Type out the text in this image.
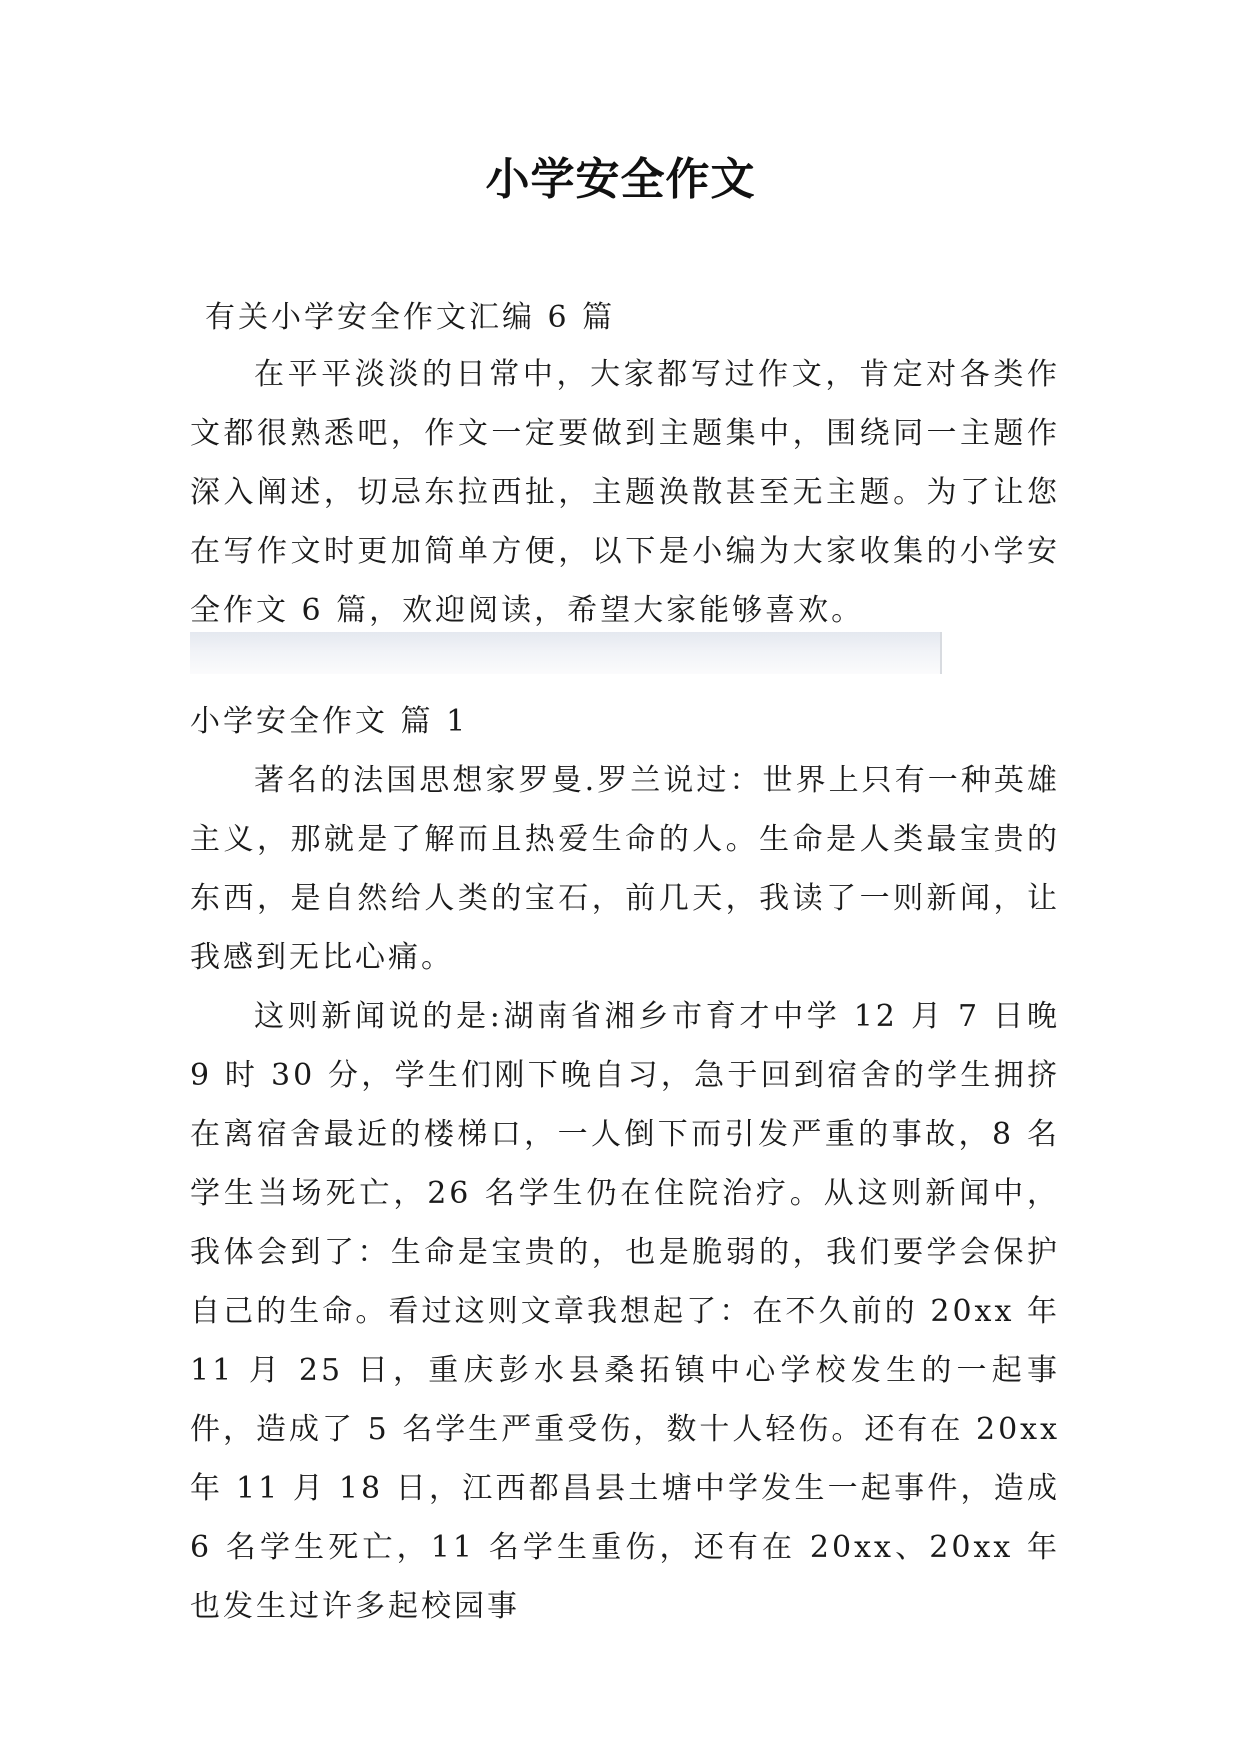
小学安全作文
有关小学安全作文汇编 6 篇

在平平淡淡的日常中，大家都写过作文，肯定对各类作文都很熟悉吧，作文一定要做到主题集中，围绕同一主题作深入阐述，切忌东拉西扯，主题涣散甚至无主题。为了让您在写作文时更加简单方便，以下是小编为大家收集的小学安全作文 6 篇，欢迎阅读，希望大家能够喜欢。

小学安全作文 篇 1

著名的法国思想家罗曼.罗兰说过：世界上只有一种英雄主义，那就是了解而且热爱生命的人。生命是人类最宝贵的东西，是自然给人类的宝石，前几天，我读了一则新闻，让我感到无比心痛。

这则新闻说的是:湖南省湘乡市育才中学 12 月 7 日晚 9 时 30 分，学生们刚下晚自习，急于回到宿舍的学生拥挤在离宿舍最近的楼梯口，一人倒下而引发严重的事故，8 名学生当场死亡，26 名学生仍在住院治疗。从这则新闻中，我体会到了：生命是宝贵的，也是脆弱的，我们要学会保护自己的生命。看过这则文章我想起了：在不久前的 20xx 年 11 月 25 日，重庆彭水县桑拓镇中心学校发生的一起事件，造成了 5 名学生严重受伤，数十人轻伤。还有在 20xx 年 11 月 18 日，江西都昌县土塘中学发生一起事件，造成 6 名学生死亡，11 名学生重伤，还有在 20xx、20xx 年也发生过许多起校园事
